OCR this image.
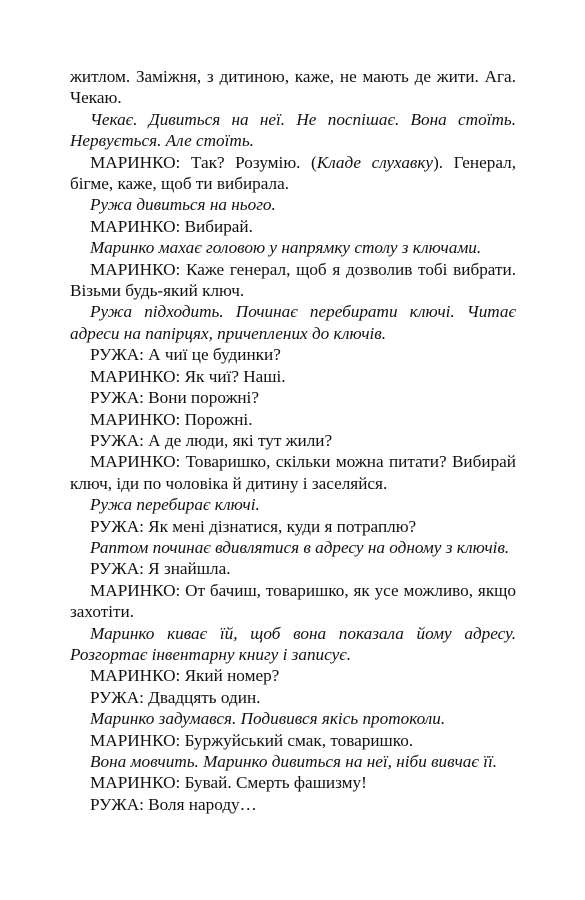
житлом. Заміжня, з дитиною, каже, не мають де жити. Ага. Чекаю.

Чекає. Дивиться на неї. Не поспішає. Вона стоїть. Нервується. Але стоїть.

МАРИНКО: Так? Розумію. (Кладе слухавку). Генерал, бігме, каже, щоб ти вибирала.

Ружа дивиться на нього.

МАРИНКО: Вибирай.

Маринко махає головою у напрямку столу з ключами.

МАРИНКО: Каже генерал, щоб я дозволив тобі вибрати. Візьми будь-який ключ.

Ружа підходить. Починає перебирати ключі. Читає адреси на папірцях, причеплених до ключів.

РУЖА: А чиї це будинки?

МАРИНКО: Як чиї? Наші.

РУЖА: Вони порожні?

МАРИНКО: Порожні.

РУЖА: А де люди, які тут жили?

МАРИНКО: Товаришко, скільки можна питати? Вибирай ключ, іди по чоловіка й дитину і заселяйся.

Ружа перебирає ключі.

РУЖА: Як мені дізнатися, куди я потраплю?

Раптом починає вдивлятися в адресу на одному з ключів.

РУЖА: Я знайшла.

МАРИНКО: От бачиш, товаришко, як усе можливо, якщо захотіти.

Маринко киває їй, щоб вона показала йому адресу. Розгортає інвентарну книгу і записує.

МАРИНКО: Який номер?

РУЖА: Двадцять один.

Маринко задумався. Подивився якісь протоколи.

МАРИНКО: Буржуйський смак, товаришко.

Вона мовчить. Маринко дивиться на неї, ніби вивчає її.

МАРИНКО: Бувай. Смерть фашизму!

РУЖА: Воля народу…
